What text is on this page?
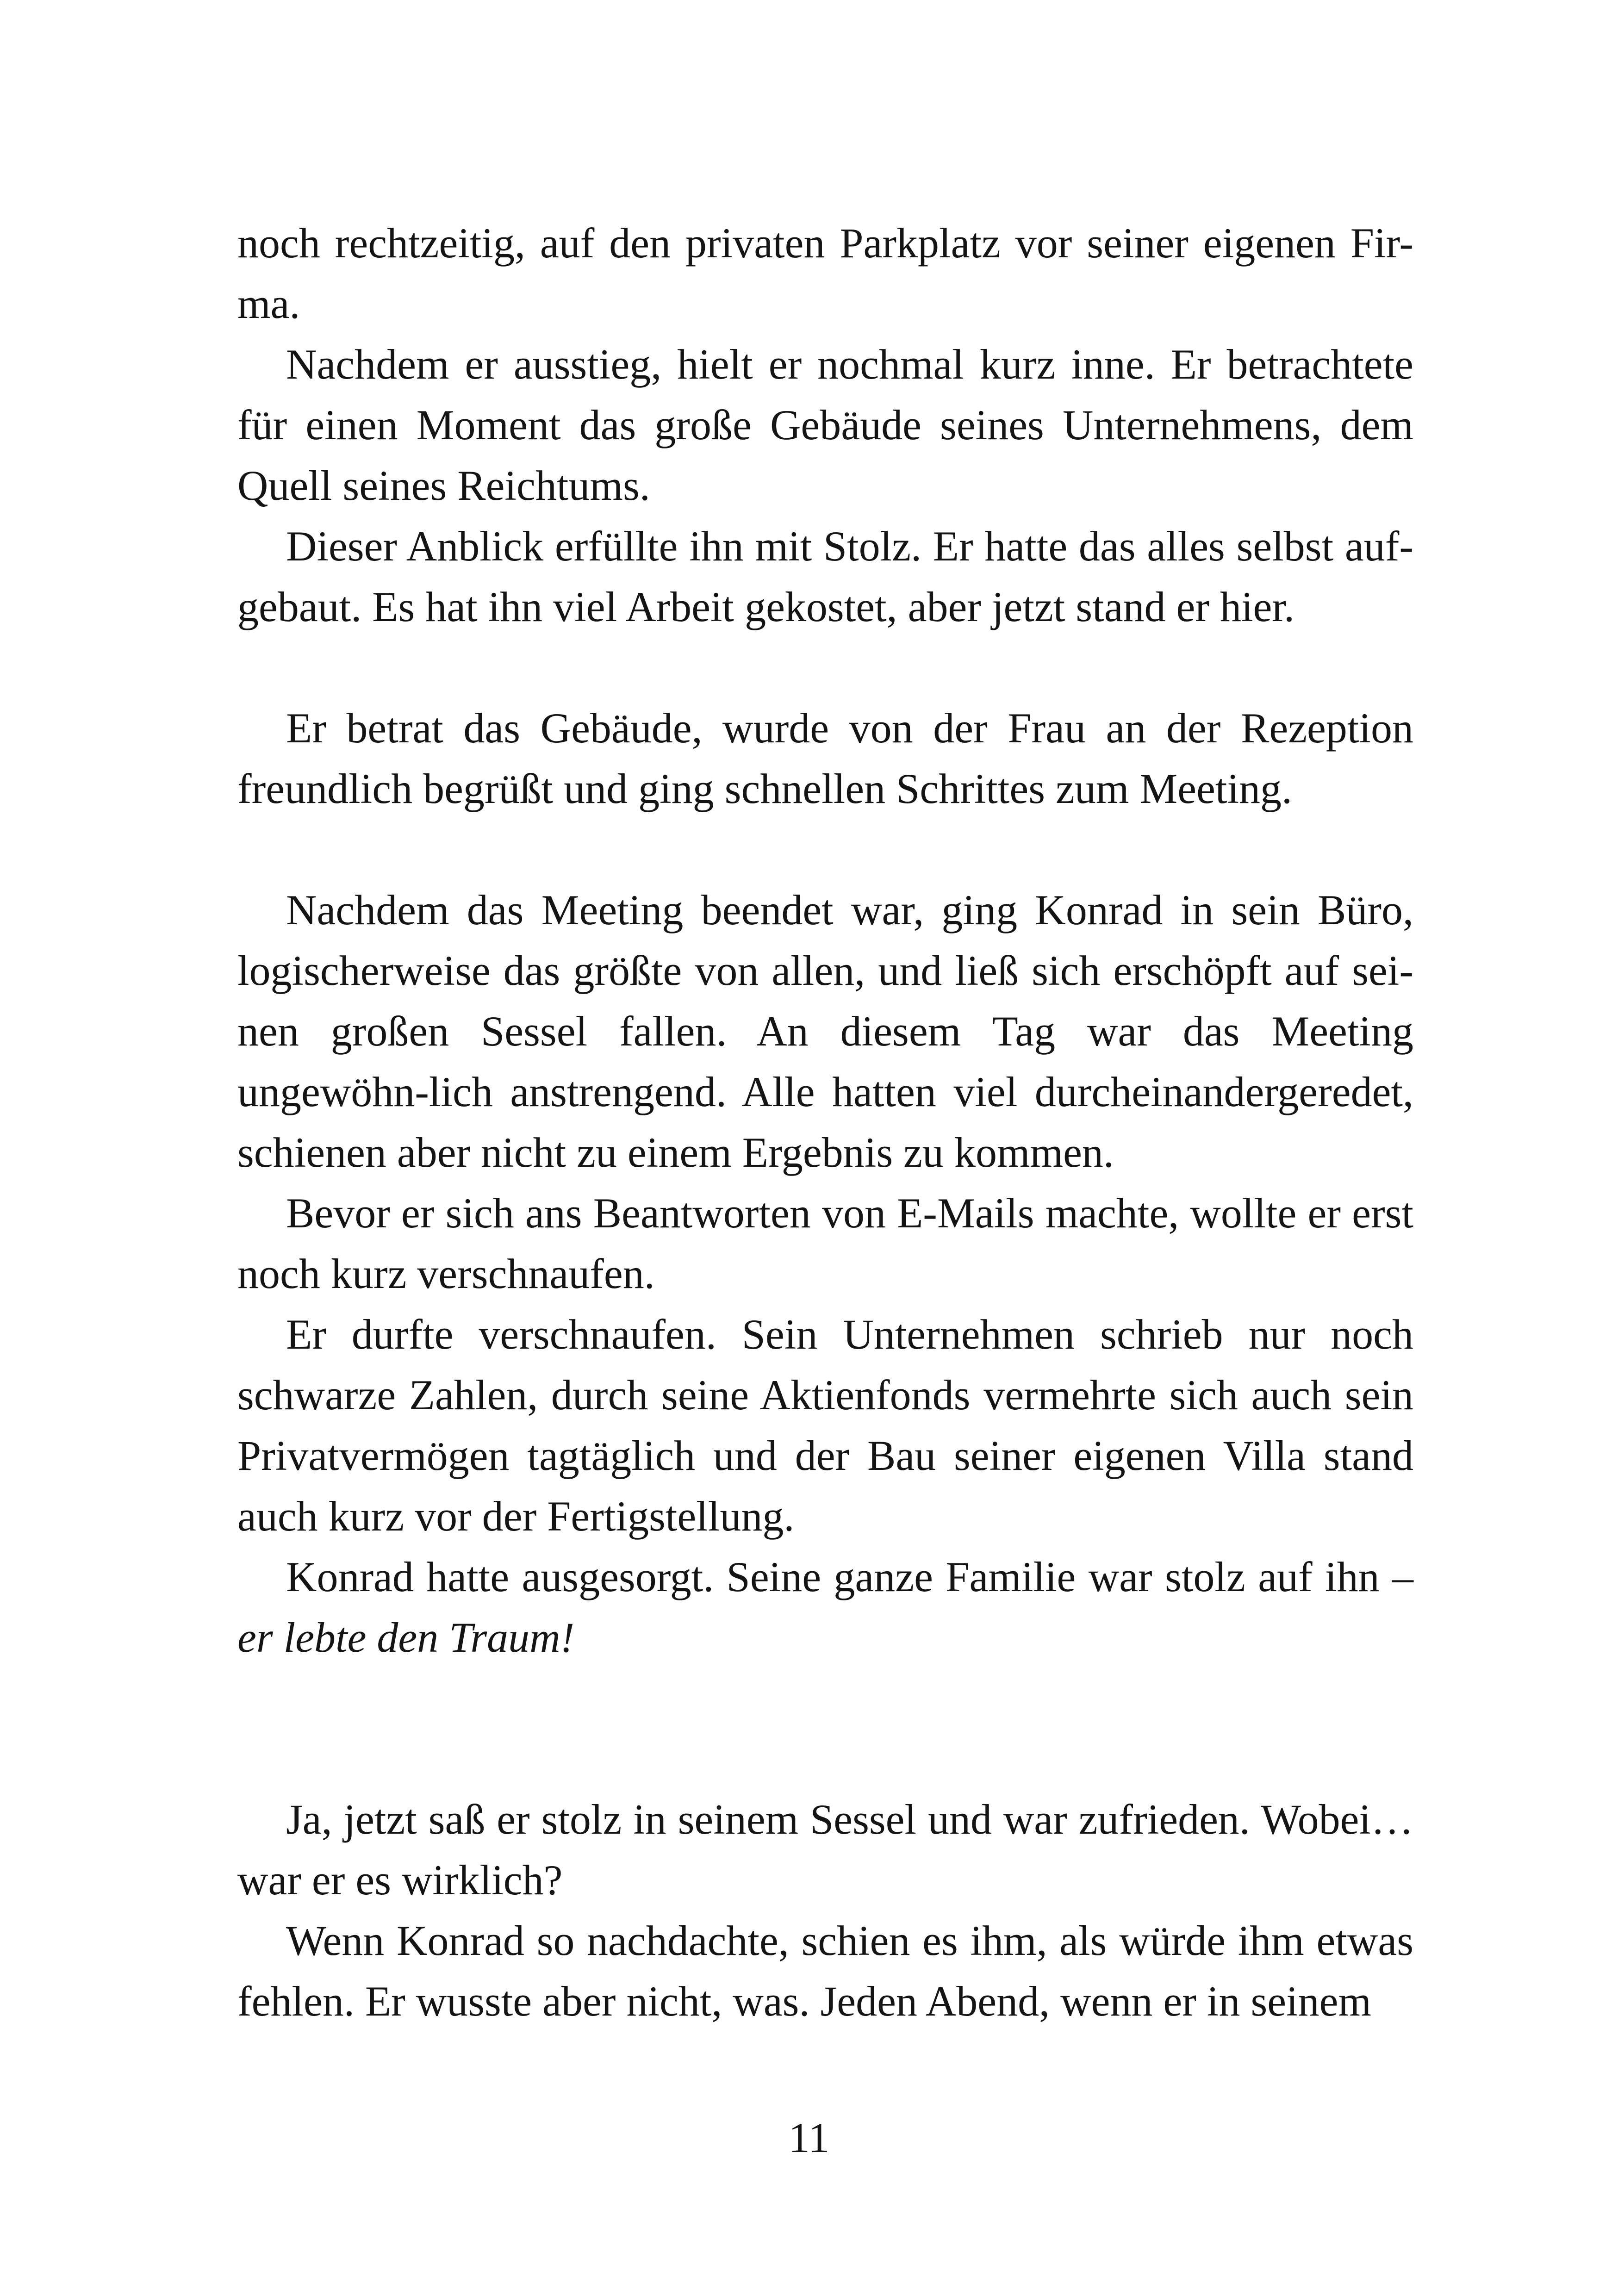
noch rechtzeitig, auf den privaten Parkplatz vor seiner eigenen Fir-ma.

Nachdem er ausstieg, hielt er nochmal kurz inne. Er betrachtete für einen Moment das große Gebäude seines Unternehmens, dem Quell seines Reichtums.

Dieser Anblick erfüllte ihn mit Stolz. Er hatte das alles selbst auf-gebaut. Es hat ihn viel Arbeit gekostet, aber jetzt stand er hier.

Er betrat das Gebäude, wurde von der Frau an der Rezeption freundlich begrüßt und ging schnellen Schrittes zum Meeting.

Nachdem das Meeting beendet war, ging Konrad in sein Büro, logischerweise das größte von allen, und ließ sich erschöpft auf sei-nen großen Sessel fallen. An diesem Tag war das Meeting ungewöhn-lich anstrengend. Alle hatten viel durcheinandergeredet, schienen aber nicht zu einem Ergebnis zu kommen.

Bevor er sich ans Beantworten von E-Mails machte, wollte er erst noch kurz verschnaufen.

Er durfte verschnaufen. Sein Unternehmen schrieb nur noch schwarze Zahlen, durch seine Aktienfonds vermehrte sich auch sein Privatvermögen tagtäglich und der Bau seiner eigenen Villa stand auch kurz vor der Fertigstellung.

Konrad hatte ausgesorgt. Seine ganze Familie war stolz auf ihn – er lebte den Traum!

Ja, jetzt saß er stolz in seinem Sessel und war zufrieden. Wobei… war er es wirklich?

Wenn Konrad so nachdachte, schien es ihm, als würde ihm etwas fehlen. Er wusste aber nicht, was. Jeden Abend, wenn er in seinem

11
